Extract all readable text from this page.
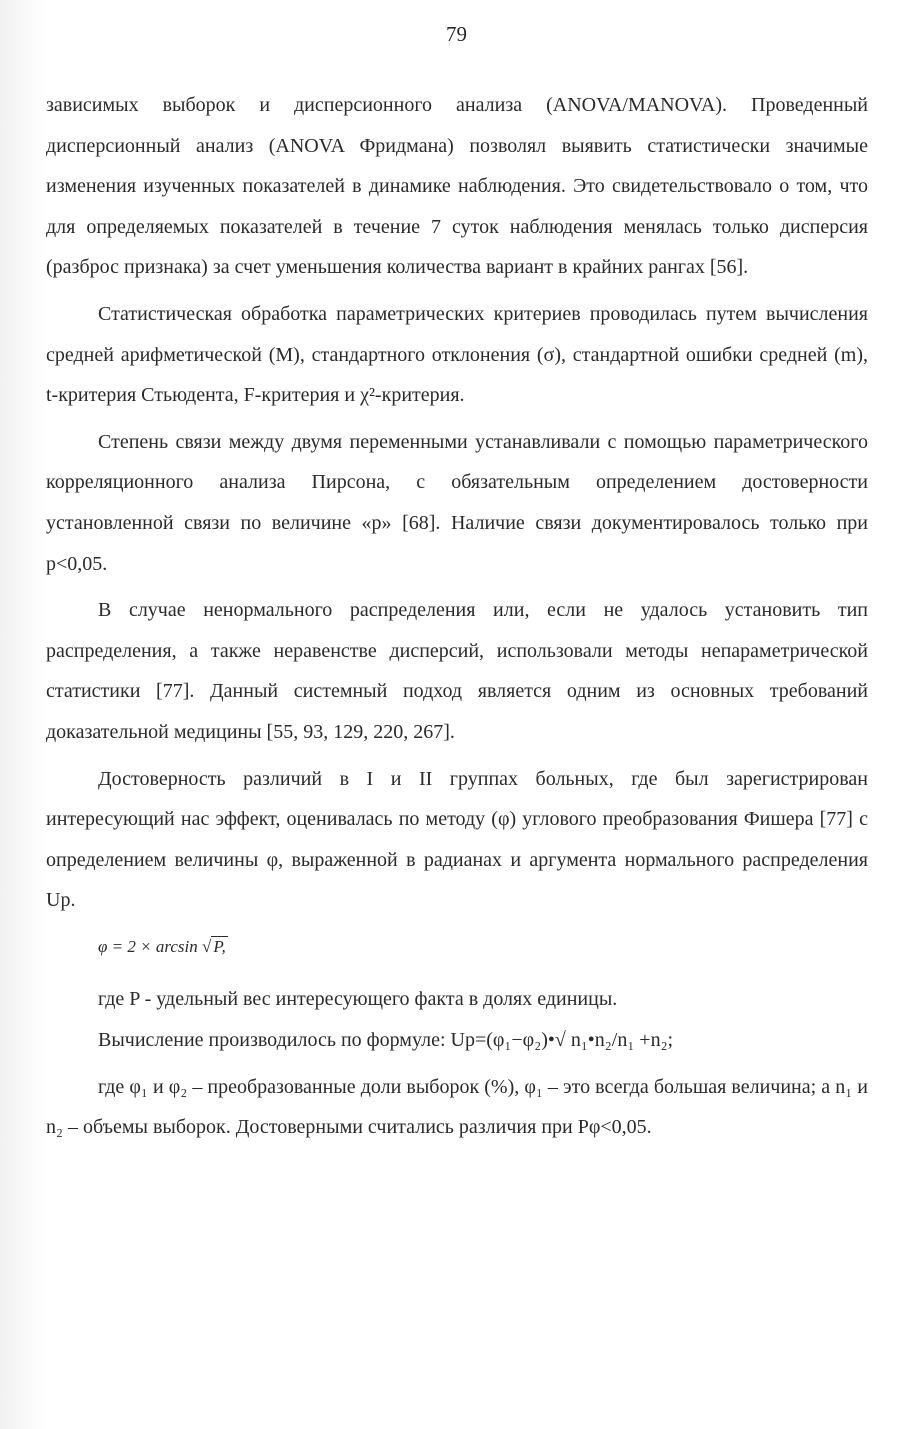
79

зависимых выборок и дисперсионного анализа (ANOVA/MANOVA). Проведенный дисперсионный анализ (ANOVA Фридмана) позволял выявить статистически значимые изменения изученных показателей в динамике наблюдения. Это свидетельствовало о том, что для определяемых показателей в течение 7 суток наблюдения менялась только дисперсия (разброс признака) за счет уменьшения количества вариант в крайних рангах [56].

Статистическая обработка параметрических критериев проводилась путем вычисления средней арифметической (M), стандартного отклонения (σ), стандартной ошибки средней (m), t-критерия Стьюдента, F-критерия и χ²-критерия.

Степень связи между двумя переменными устанавливали с помощью параметрического корреляционного анализа Пирсона, с обязательным определением достоверности установленной связи по величине «p» [68]. Наличие связи документировалось только при p<0,05.

В случае ненормального распределения или, если не удалось установить тип распределения, а также неравенстве дисперсий, использовали методы непараметрической статистики [77]. Данный системный подход является одним из основных требований доказательной медицины [55, 93, 129, 220, 267].

Достоверность различий в I и II группах больных, где был зарегистрирован интересующий нас эффект, оценивалась по методу (φ) углового преобразования Фишера [77] с определением величины φ, выраженной в радианах и аргумента нормального распределения Up.

φ = 2 × arcsin √ P,

где P - удельный вес интересующего факта в долях единицы.

Вычисление производилось по формуле: Up=(φ₁−φ₂)•√ n₁•n₂/n₁ +n₂;

где φ₁ и φ₂ – преобразованные доли выборок (%), φ₁ – это всегда большая величина; а n₁ и n₂ – объемы выборок. Достоверными считались различия при Pφ<0,05.
